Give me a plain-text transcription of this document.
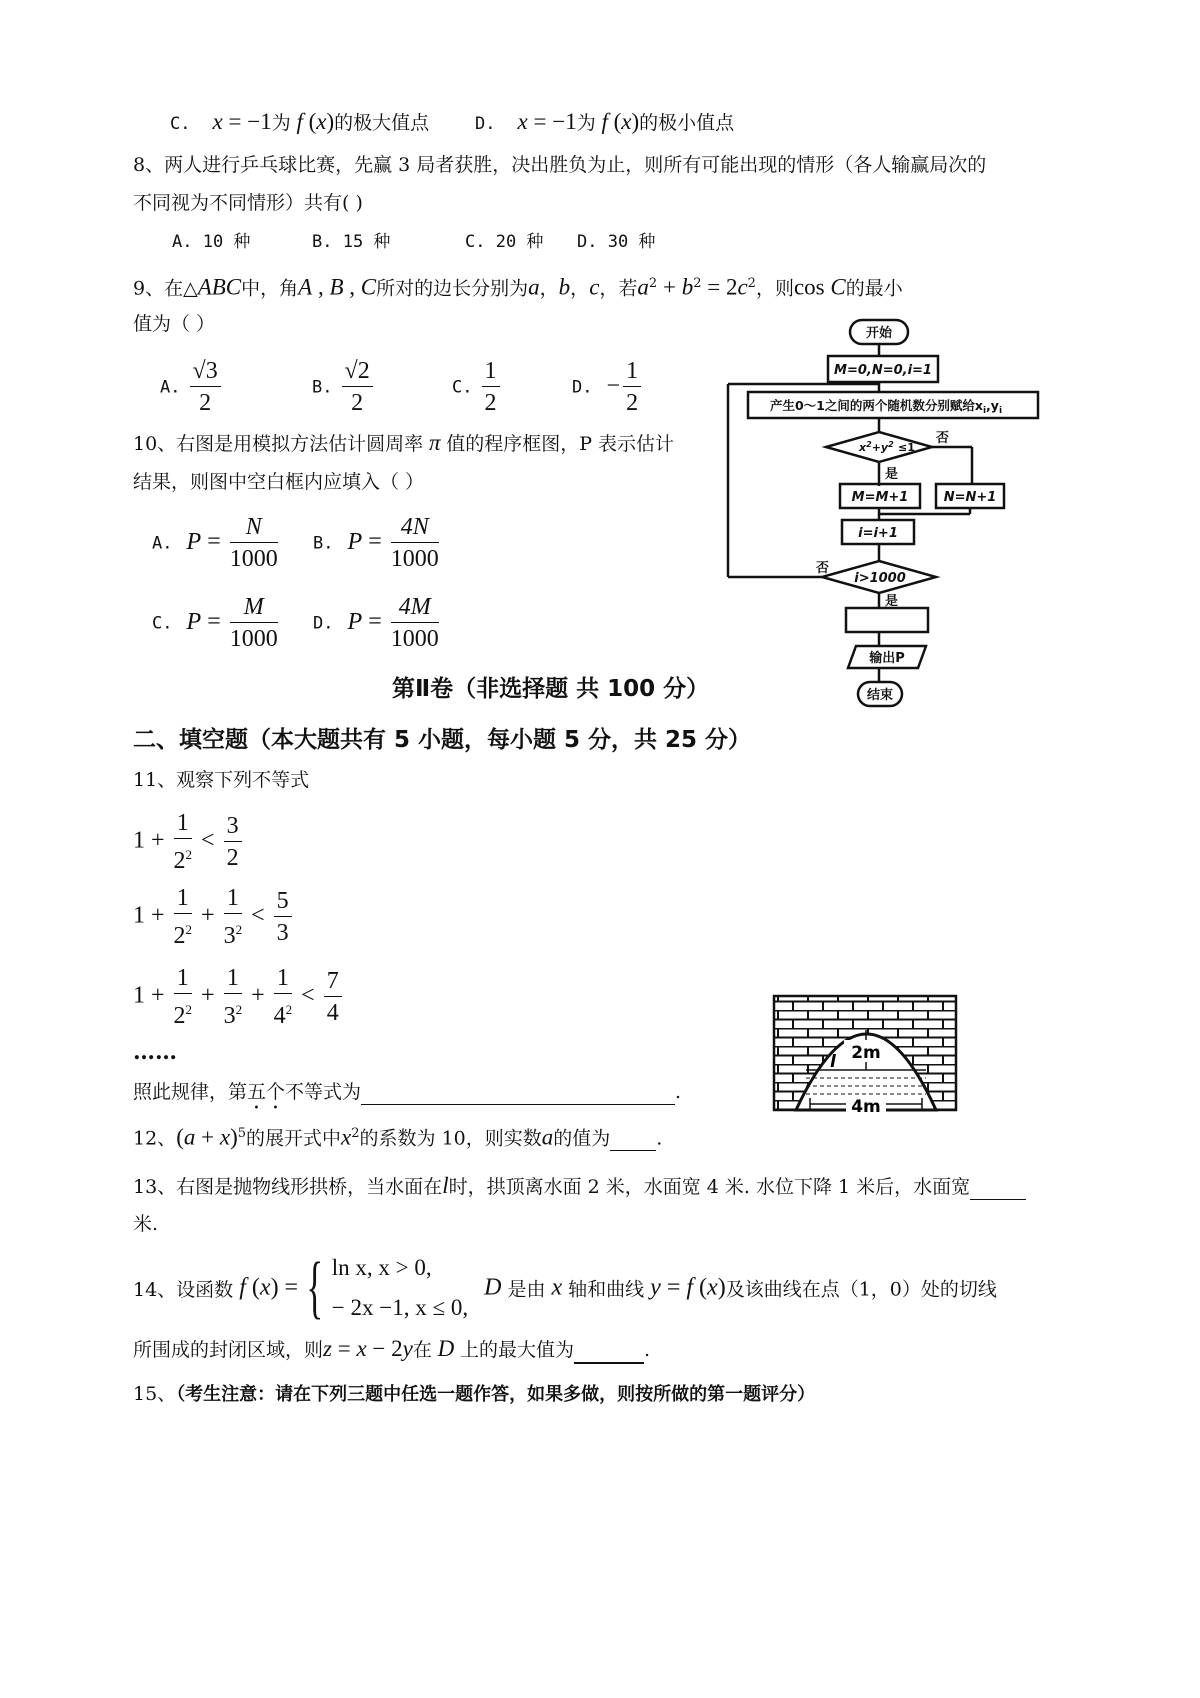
C. x = −1为 f (x)的极大值点	D. x = −1为 f (x)的极小值点
8、两人进行乒乓球比赛，先赢 3 局者获胜，决出胜负为止，则所有可能出现的情形（各人输赢局次的
不同视为不同情形）共有( )
A. 10 种	B. 15 种	C. 20 种 D. 30 种
9、在△ABC中，角A , B , C所对的边长分别为a，b，c，若$a^2 + b^2 = 2c^2$，则cos C的最小
值为（ ）
A. $\frac{√3}{2}$	B. $\frac{√2}{2}$	C. $\frac{1}{2}$	D. − $\frac{1}{2}$
10、右图是用模拟方法估计圆周率 π 值的程序框图，P 表示估计
结果，则图中空白框内应填入（ ）
A. $P = \frac{N}{1000} B$. $P = \frac{4N}{1000}$
C. $P = \frac{M}{1000} D$. $P = \frac{4M}{1000}$
开始
M=0,N=0,i=1
产生0～1之间的两个随机数分别赋给$x_i,y_i$
$x^2+y^2 \le 1$
否
是
M=M+1	N=N+1
i=i+1
i>1000
否
是
输出P
结束
第Ⅱ卷（非选择题 共 100 分）
二、填空题（本大题共有 5 小题，每小题 5 分，共 25 分）
11、观察下列不等式
$1 + \frac{1}{2^2} < \frac{3}{2}$
$1 + \frac{1}{2^2} + \frac{1}{3^2} < \frac{5}{3}$
$1 + \frac{1}{2^2} + \frac{1}{3^2} + \frac{1}{4^2} < \frac{7}{4}$
……
照此规律，第五个不等式为	.
2m
4m
l
12、$(a + x)^5$的展开式中$x^2$的系数为 10，则实数a的值为 .
13、右图是抛物线形拱桥，当水面在l时，拱顶离水面 2 米，水面宽 4 米. 水位下降 1 米后，水面宽
米.
14、设函数 f (x) = { ln x, x > 0,
− 2x −1, x ≤ 0,
D 是由 x 轴和曲线 y = f (x)及该曲线在点（1，0）处的切线
所围成的封闭区域，则z = x − 2y在 D 上的最大值为	.
15、（考生注意：请在下列三题中任选一题作答，如果多做，则按所做的第一题评分）
